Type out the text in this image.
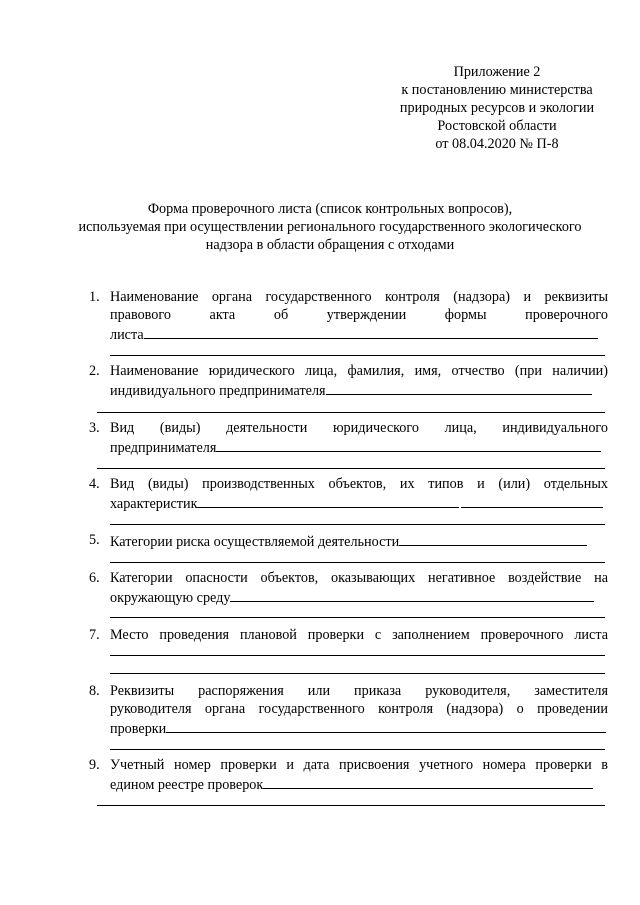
Приложение 2
к постановлению министерства
природных ресурсов и экологии
Ростовской области
от 08.04.2020 № П-8
Форма проверочного листа (список контрольных вопросов),
используемая при осуществлении регионального государственного экологического
надзора в области обращения с отходами
1. Наименование органа государственного контроля (надзора) и реквизиты
правового акта об утверждении формы проверочного
листа
2. Наименование юридического лица, фамилия, имя, отчество (при наличии)
индивидуального предпринимателя
3. Вид (виды) деятельности юридического лица, индивидуального
предпринимателя
4. Вид (виды) производственных объектов, их типов и (или) отдельных
характеристик
5. Категории риска осуществляемой деятельности
6. Категории опасности объектов, оказывающих негативное воздействие на
окружающую среду
7. Место проведения плановой проверки с заполнением проверочного листа
8. Реквизиты распоряжения или приказа руководителя, заместителя
руководителя органа государственного контроля (надзора) о проведении
проверки
9. Учетный номер проверки и дата присвоения учетного номера проверки в
едином реестре проверок
